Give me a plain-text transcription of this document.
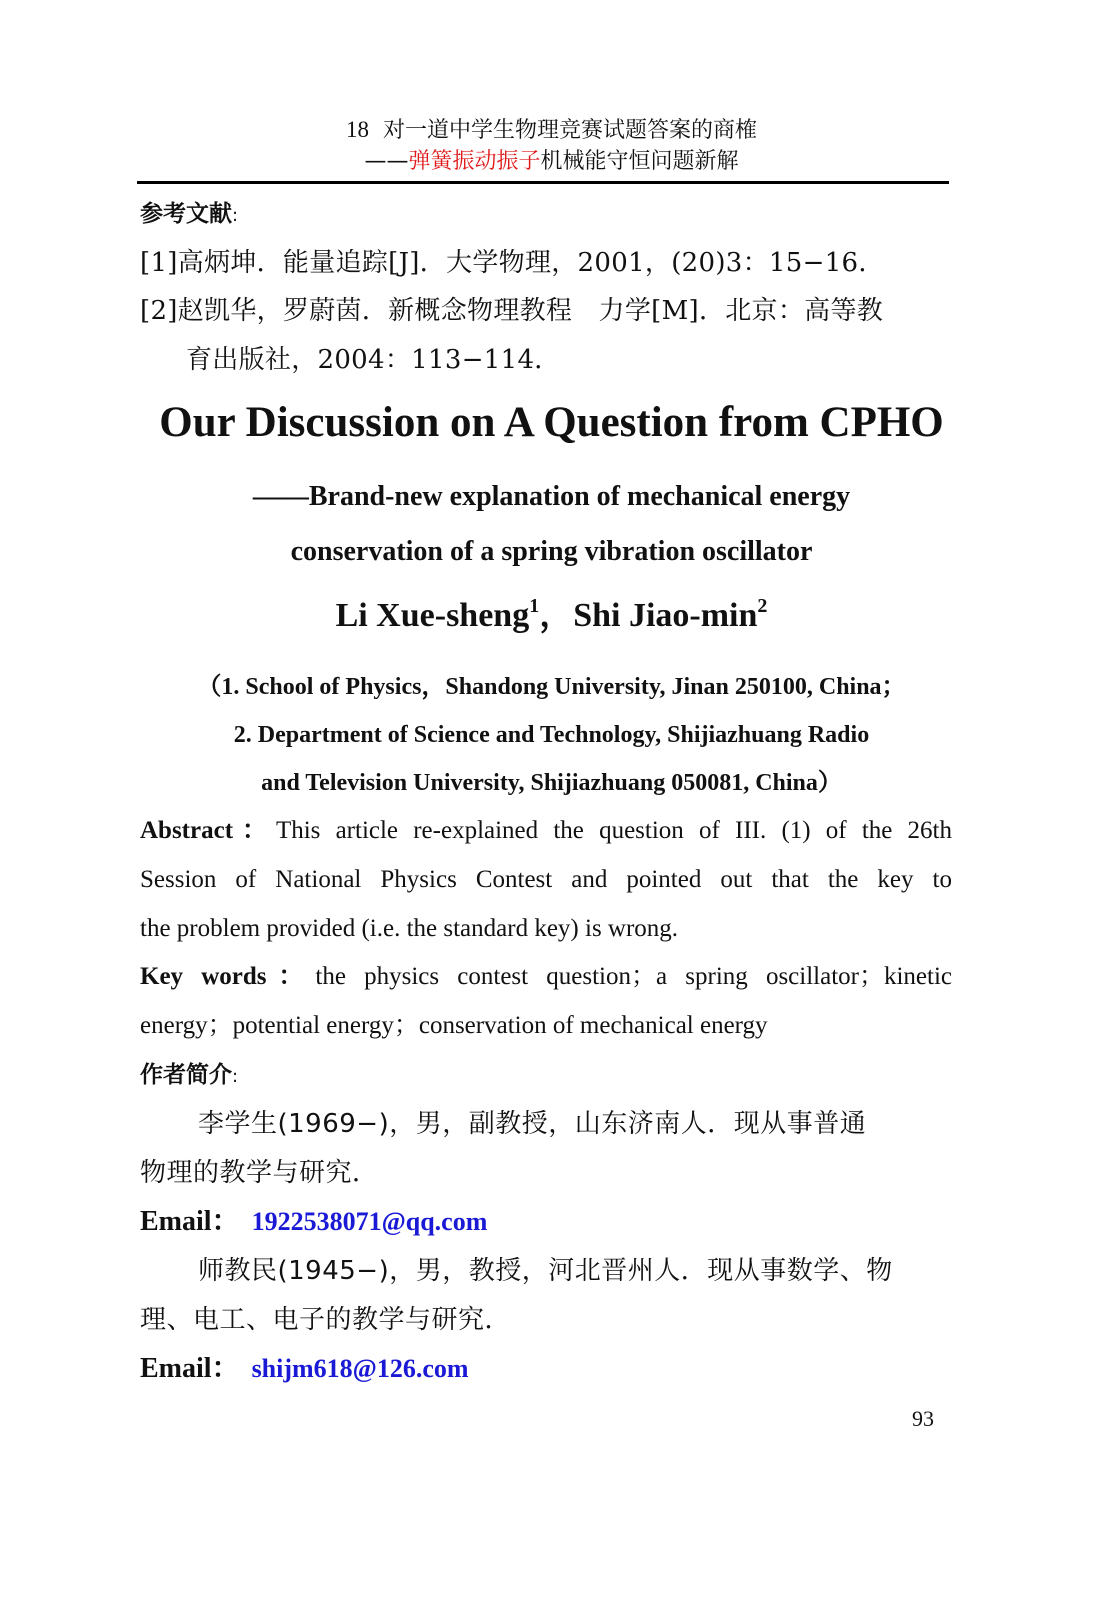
18 对一道中学生物理竞赛试题答案的商榷
——弹簧振动振子机械能守恒问题新解
参考文献:
[1]高炳坤．能量追踪[J]．大学物理，2001，(20)3：15−16．
[2]赵凯华，罗蔚茵．新概念物理教程　力学[M]．北京：高等教
育出版社，2004：113−114．
Our Discussion on A Question from CPHO
——Brand-new explanation of mechanical energy
conservation of a spring vibration oscillator
Li Xue-sheng$^1$，Shi Jiao-$\min^2$
（1. School of Physics，Shandong University, Jinan 250100, China；
2. Department of Science and Technology, Shijiazhuang Radio
and Television University, Shijiazhuang 050081, China）
Abstract：This article re-explained the question of III. (1) of the 26th
Session of National Physics Contest and pointed out that the key to
the problem provided (i.e. the standard key) is wrong.
Key words：the physics contest question；a spring oscillator；kinetic
energy；potential energy；conservation of mechanical energy
作者简介:
李学生(1969−)，男，副教授，山东济南人．现从事普通
物理的教学与研究．
Email： 1922538071@qq.com
师教民(1945−)，男，教授，河北晋州人．现从事数学、物
理、电工、电子的教学与研究．
Email： shijm618@126.com
93
